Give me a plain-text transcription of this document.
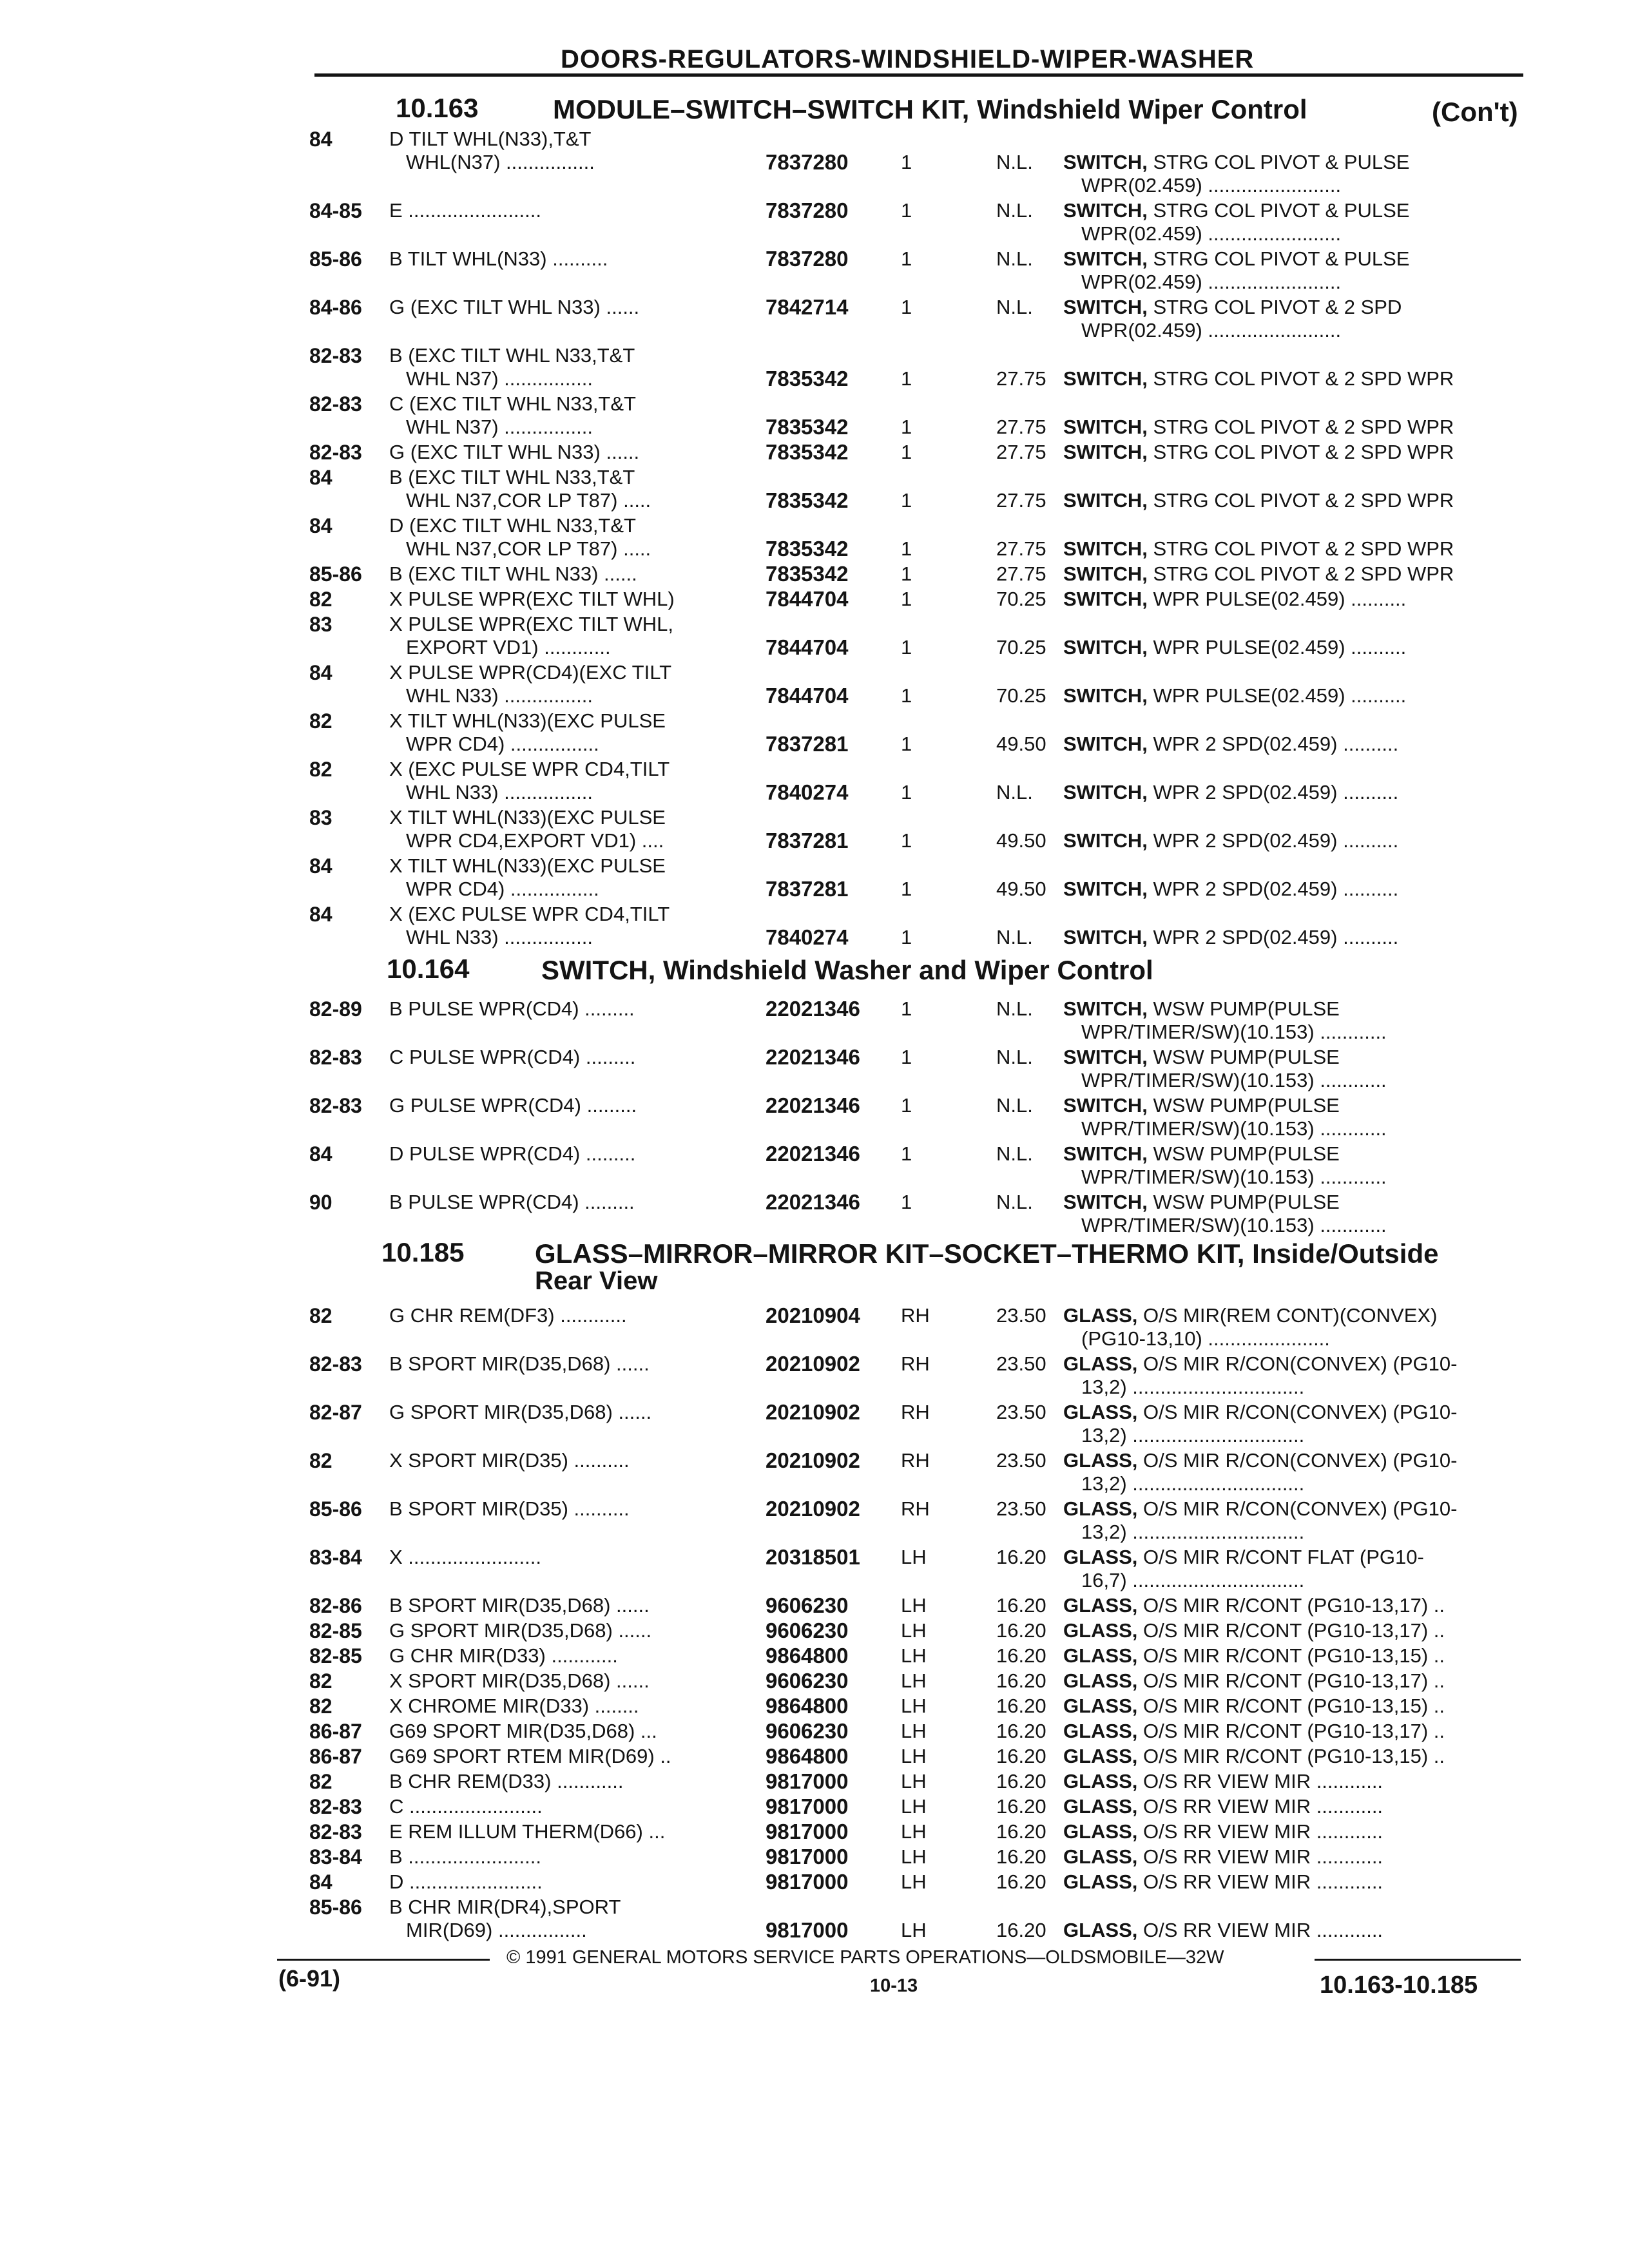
DOORS-REGULATORS-WINDSHIELD-WIPER-WASHER
10.163	MODULE–SWITCH–SWITCH KIT, Windshield Wiper Control	(Con't)
84	D TILT WHL(N33),T&T
WHL(N37) ................	7837280	1	N.L. SWITCH, STRG COL PIVOT & PULSE
WPR(02.459) ........................
84-85 E ........................	7837280	1	N.L. SWITCH, STRG COL PIVOT & PULSE
WPR(02.459) ........................
85-86 B TILT WHL(N33) ..........	7837280	1	N.L. SWITCH, STRG COL PIVOT & PULSE
WPR(02.459) ........................
84-86 G (EXC TILT WHL N33) ......	7842714	1	N.L. SWITCH, STRG COL PIVOT & 2 SPD
WPR(02.459) ........................
82-83 B (EXC TILT WHL N33,T&T
WHL N37) ................	7835342	1	27.75 SWITCH, STRG COL PIVOT & 2 SPD WPR
82-83 C (EXC TILT WHL N33,T&T
WHL N37) ................	7835342	1	27.75 SWITCH, STRG COL PIVOT & 2 SPD WPR
82-83 G (EXC TILT WHL N33) ......	7835342	1	27.75 SWITCH, STRG COL PIVOT & 2 SPD WPR
84	B (EXC TILT WHL N33,T&T
WHL N37,COR LP T87) .....	7835342	1	27.75 SWITCH, STRG COL PIVOT & 2 SPD WPR
84	D (EXC TILT WHL N33,T&T
WHL N37,COR LP T87) .....	7835342	1	27.75 SWITCH, STRG COL PIVOT & 2 SPD WPR
85-86 B (EXC TILT WHL N33) ......	7835342	1	27.75 SWITCH, STRG COL PIVOT & 2 SPD WPR
82	X PULSE WPR(EXC TILT WHL)	7844704	1	70.25 SWITCH, WPR PULSE(02.459) ..........
83	X PULSE WPR(EXC TILT WHL,
EXPORT VD1) ............	7844704	1	70.25 SWITCH, WPR PULSE(02.459) ..........
84	X PULSE WPR(CD4)(EXC TILT
WHL N33) ................	7844704	1	70.25 SWITCH, WPR PULSE(02.459) ..........
82	X TILT WHL(N33)(EXC PULSE
WPR CD4) ................	7837281	1	49.50 SWITCH, WPR 2 SPD(02.459) ..........
82	X (EXC PULSE WPR CD4,TILT
WHL N33) ................	7840274	1	N.L. SWITCH, WPR 2 SPD(02.459) ..........
83	X TILT WHL(N33)(EXC PULSE
WPR CD4,EXPORT VD1) ....	7837281	1	49.50 SWITCH, WPR 2 SPD(02.459) ..........
84	X TILT WHL(N33)(EXC PULSE
WPR CD4) ................	7837281	1	49.50 SWITCH, WPR 2 SPD(02.459) ..........
84	X (EXC PULSE WPR CD4,TILT
WHL N33) ................	7840274	1	N.L. SWITCH, WPR 2 SPD(02.459) ..........
10.164	SWITCH, Windshield Washer and Wiper Control
82-89 B PULSE WPR(CD4) .........	22021346 1	N.L. SWITCH, WSW PUMP(PULSE
WPR/TIMER/SW)(10.153) ............
82-83 C PULSE WPR(CD4) .........	22021346 1	N.L. SWITCH, WSW PUMP(PULSE
WPR/TIMER/SW)(10.153) ............
82-83 G PULSE WPR(CD4) .........	22021346 1	N.L. SWITCH, WSW PUMP(PULSE
WPR/TIMER/SW)(10.153) ............
84	D PULSE WPR(CD4) .........	22021346 1	N.L. SWITCH, WSW PUMP(PULSE
WPR/TIMER/SW)(10.153) ............
90	B PULSE WPR(CD4) .........	22021346 1	N.L. SWITCH, WSW PUMP(PULSE
WPR/TIMER/SW)(10.153) ............
10.185	GLASS–MIRROR–MIRROR KIT–SOCKET–THERMO KIT, Inside/Outside
Rear View
82	G CHR REM(DF3) ............	20210904 RH	23.50 GLASS, O/S MIR(REM CONT)(CONVEX)
(PG10-13,10) ......................
82-83 B SPORT MIR(D35,D68) ......	20210902 RH	23.50 GLASS, O/S MIR R/CON(CONVEX) (PG10-
13,2) ...............................
82-87 G SPORT MIR(D35,D68) ......	20210902 RH	23.50 GLASS, O/S MIR R/CON(CONVEX) (PG10-
13,2) ...............................
82	X SPORT MIR(D35) ..........	20210902 RH	23.50 GLASS, O/S MIR R/CON(CONVEX) (PG10-
13,2) ...............................
85-86 B SPORT MIR(D35) ..........	20210902 RH	23.50 GLASS, O/S MIR R/CON(CONVEX) (PG10-
13,2) ...............................
83-84 X ........................	20318501 LH	16.20 GLASS, O/S MIR R/CONT FLAT (PG10-
16,7) ...............................
82-86 B SPORT MIR(D35,D68) ......	9606230	LH	16.20 GLASS, O/S MIR R/CONT (PG10-13,17) ..
82-85 G SPORT MIR(D35,D68) ......	9606230	LH	16.20 GLASS, O/S MIR R/CONT (PG10-13,17) ..
82-85 G CHR MIR(D33) ............	9864800	LH	16.20 GLASS, O/S MIR R/CONT (PG10-13,15) ..
82	X SPORT MIR(D35,D68) ......	9606230	LH	16.20 GLASS, O/S MIR R/CONT (PG10-13,17) ..
82	X CHROME MIR(D33) ........	9864800	LH	16.20 GLASS, O/S MIR R/CONT (PG10-13,15) ..
86-87 G69 SPORT MIR(D35,D68) ...	9606230	LH	16.20 GLASS, O/S MIR R/CONT (PG10-13,17) ..
86-87 G69 SPORT RTEM MIR(D69) ..	9864800	LH	16.20 GLASS, O/S MIR R/CONT (PG10-13,15) ..
82	B CHR REM(D33) ............	9817000	LH	16.20 GLASS, O/S RR VIEW MIR ............
82-83 C ........................	9817000	LH	16.20 GLASS, O/S RR VIEW MIR ............
82-83 E REM ILLUM THERM(D66) ...	9817000	LH	16.20 GLASS, O/S RR VIEW MIR ............
83-84 B ........................	9817000	LH	16.20 GLASS, O/S RR VIEW MIR ............
84	D ........................	9817000	LH	16.20 GLASS, O/S RR VIEW MIR ............
85-86 B CHR MIR(DR4),SPORT
MIR(D69) ................	9817000	LH	16.20 GLASS, O/S RR VIEW MIR ............
(6-91)
© 1991 GENERAL MOTORS SERVICE PARTS OPERATIONS—OLDSMOBILE—32W
10-13	10.163-10.185
